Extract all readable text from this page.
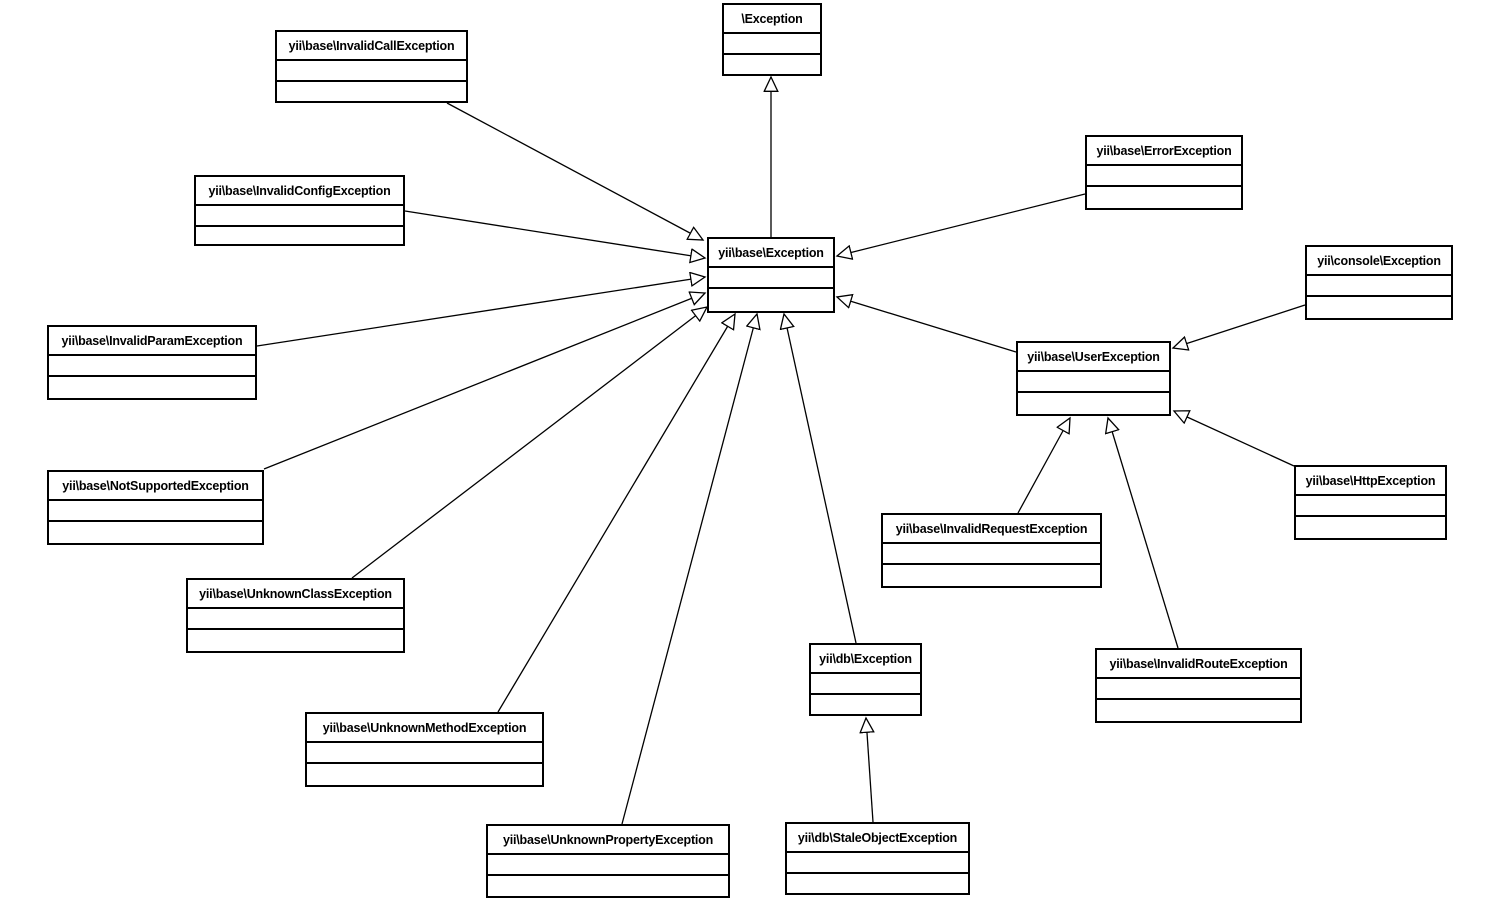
\Exception
yii\base\InvalidCallException
yii\base\InvalidConfigException
yii\base\InvalidParamException
yii\base\NotSupportedException
yii\base\UnknownClassException
yii\base\UnknownMethodException
yii\base\UnknownPropertyException
yii\base\Exception
yii\base\ErrorException
yii\console\Exception
yii\base\UserException
yii\base\HttpException
yii\base\InvalidRequestException
yii\base\InvalidRouteException
yii\db\Exception
yii\db\StaleObjectException
